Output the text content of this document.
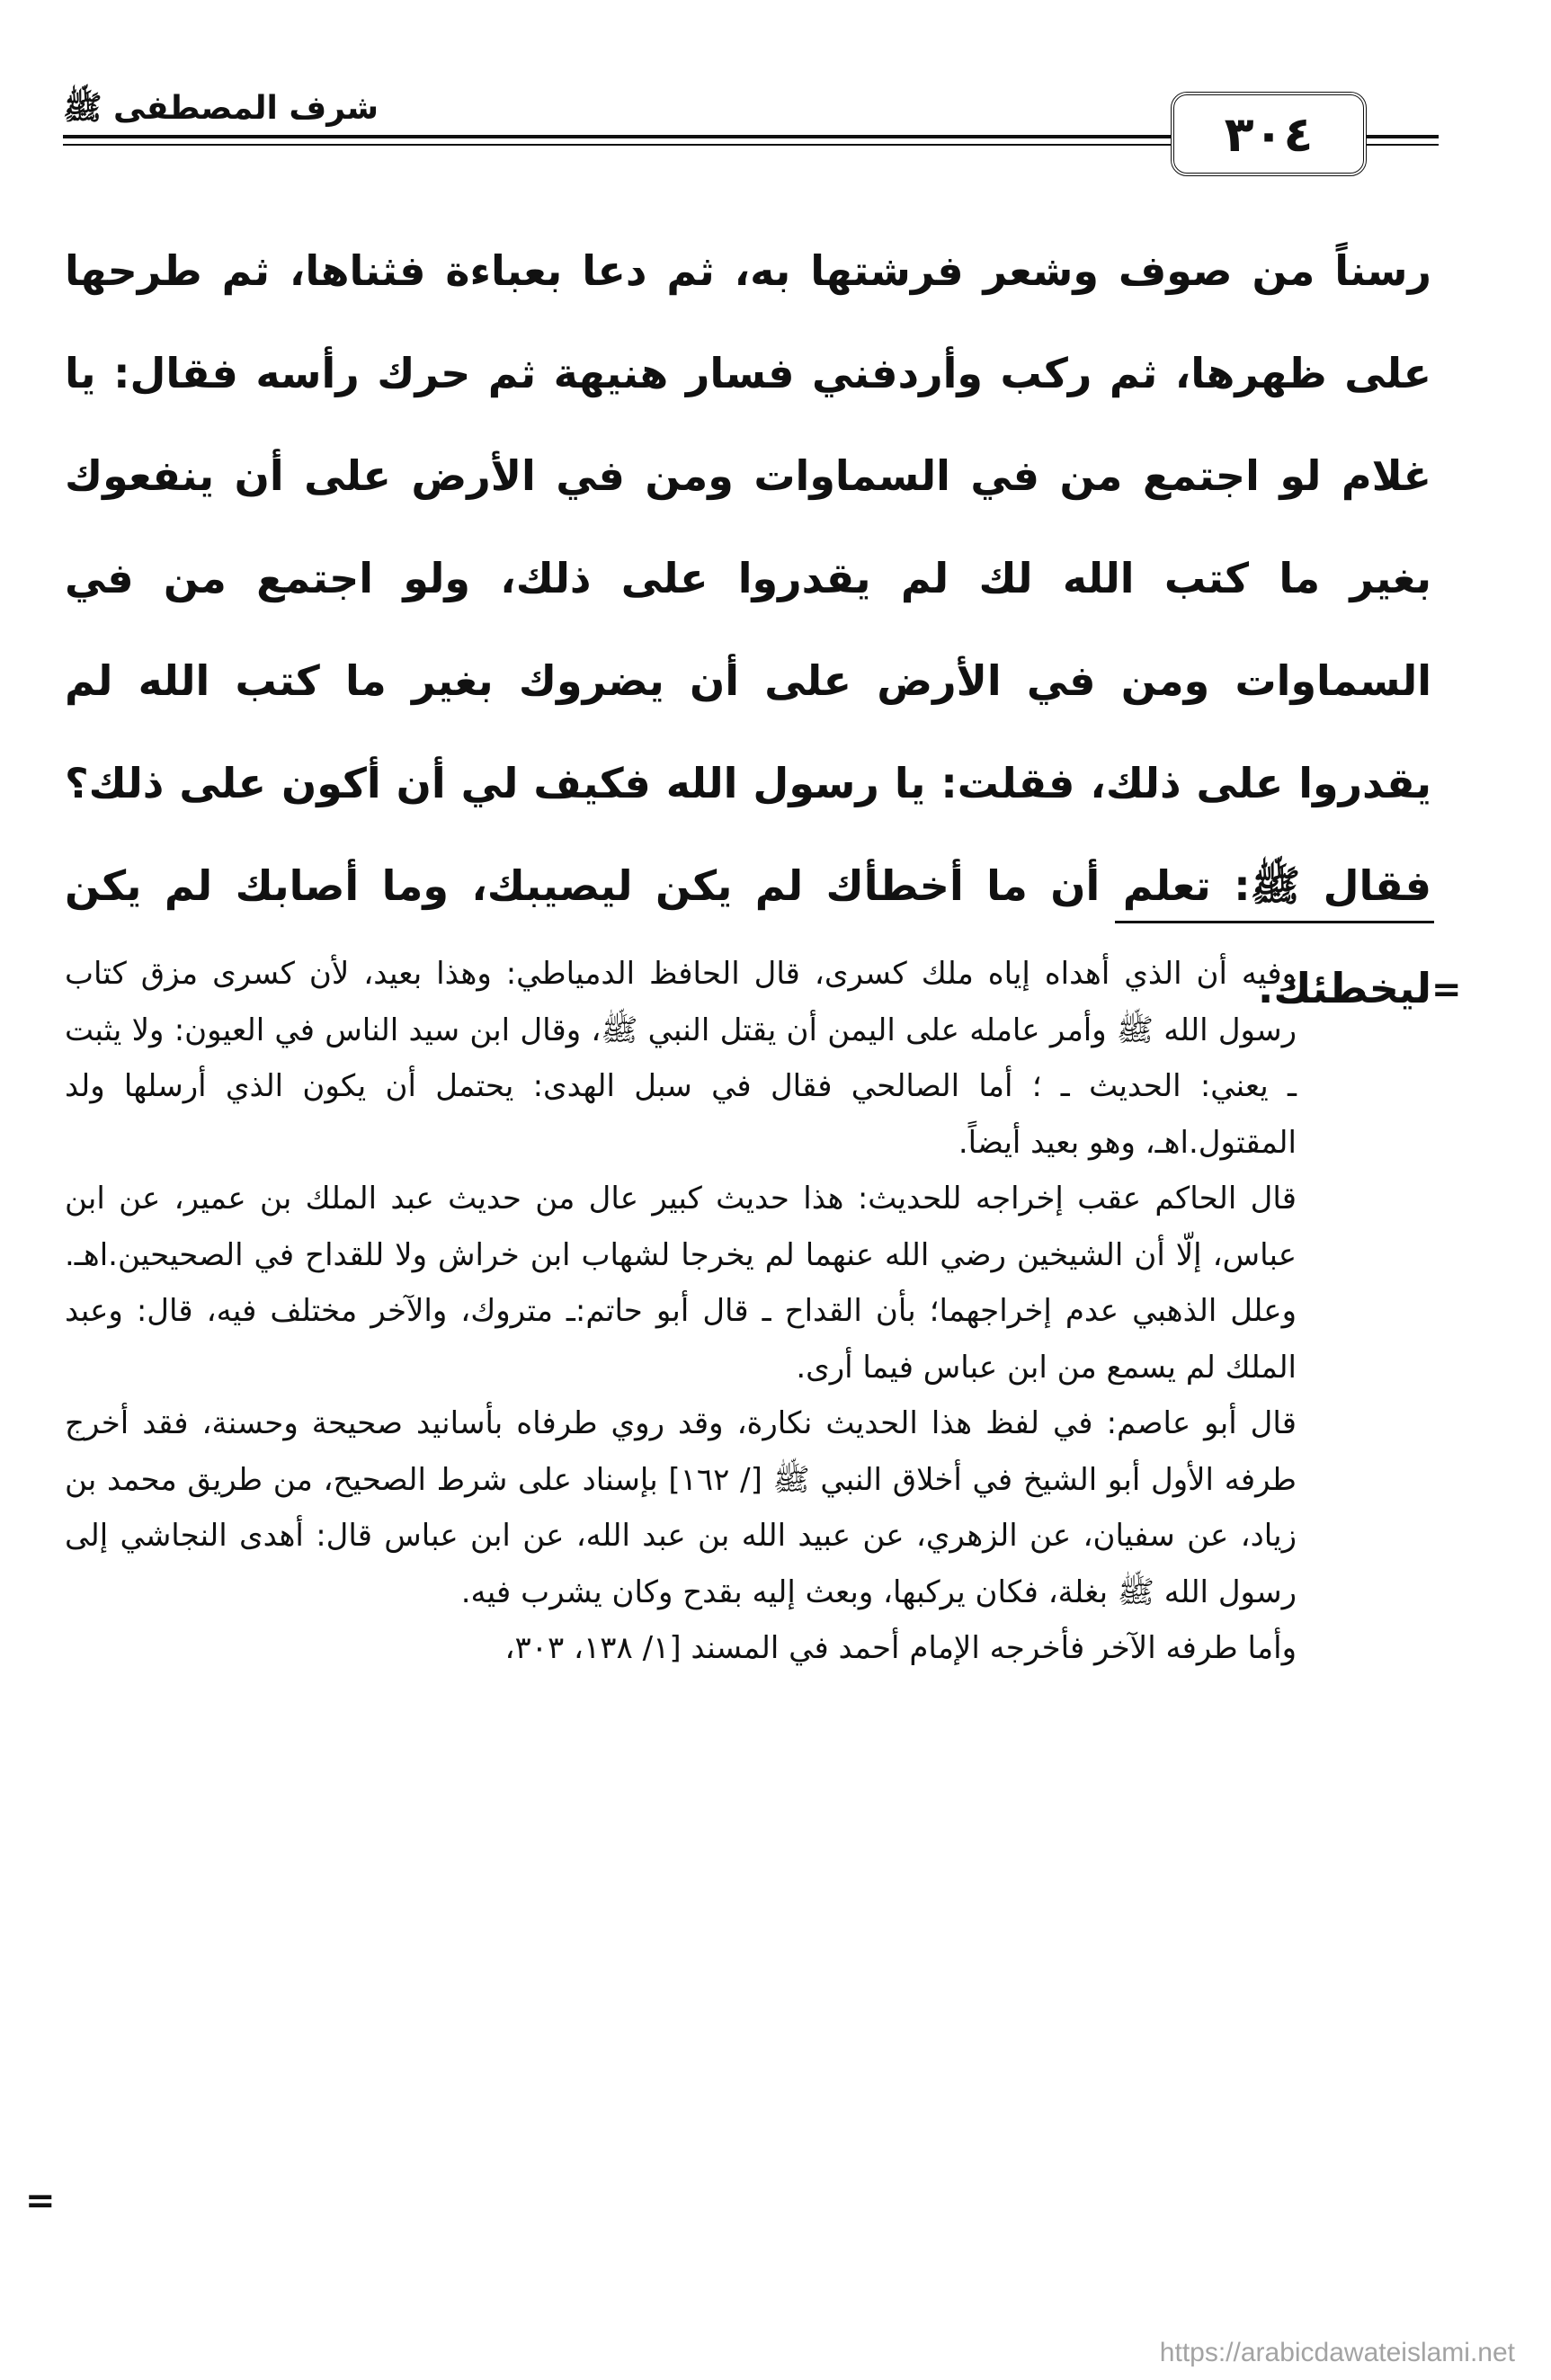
شرف المصطفى ﷺ	٣٠٤

رسناً من صوف وشعر فرشتها به، ثم دعا بعباءة فثناها، ثم طرحها على ظهرها، ثم ركب وأردفني فسار هنيهة ثم حرك رأسه فقال: يا غلام لو اجتمع من في السماوات ومن في الأرض على أن ينفعوك بغير ما كتب الله لك لم يقدروا على ذلك، ولو اجتمع من في السماوات ومن في الأرض على أن يضروك بغير ما كتب الله لم يقدروا على ذلك، فقلت: يا رسول الله فكيف لي أن أكون على ذلك؟ فقال ﷺ: تعلم أن ما أخطأك لم يكن ليصيبك، وما أصابك لم يكن ليخطئك. =

وفيه أن الذي أهداه إياه ملك كسرى، قال الحافظ الدمياطي: وهذا بعيد، لأن كسرى مزق كتاب رسول الله ﷺ وأمر عامله على اليمن أن يقتل النبي ﷺ، وقال ابن سيد الناس في العيون: ولا يثبت ـ يعني: الحديث ـ ؛ أما الصالحي فقال في سبل الهدى: يحتمل أن يكون الذي أرسلها ولد المقتول.اهـ، وهو بعيد أيضاً.

قال الحاكم عقب إخراجه للحديث: هذا حديث كبير عال من حديث عبد الملك بن عمير، عن ابن عباس، إلّا أن الشيخين رضي الله عنهما لم يخرجا لشهاب ابن خراش ولا للقداح في الصحيحين.اهـ. وعلل الذهبي عدم إخراجهما؛ بأن القداح ـ قال أبو حاتم:ـ متروك، والآخر مختلف فيه، قال: وعبد الملك لم يسمع من ابن عباس فيما أرى.

قال أبو عاصم: في لفظ هذا الحديث نكارة، وقد روي طرفاه بأسانيد صحيحة وحسنة، فقد أخرج طرفه الأول أبو الشيخ في أخلاق النبي ﷺ [/ ١٦٢] بإسناد على شرط الصحيح، من طريق محمد بن زياد، عن سفيان، عن الزهري، عن عبيد الله بن عبد الله، عن ابن عباس قال: أهدى النجاشي إلى رسول الله ﷺ بغلة، فكان يركبها، وبعث إليه بقدح وكان يشرب فيه.

وأما طرفه الآخر فأخرجه الإمام أحمد في المسند [١/ ١٣٨، ٣٠٣،

=
https://arabicdawateislami.net
